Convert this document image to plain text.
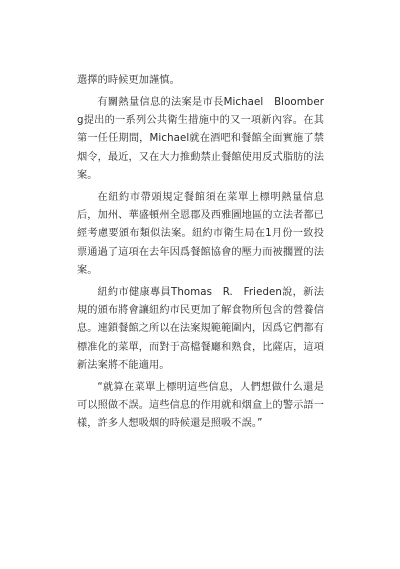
選擇的時候更加謹慎。

有關熱量信息的法案是市長Michael　Bloomberg提出的一系列公共衛生措施中的又一項新內容。在其第一任任期間，Michael就在酒吧和餐館全面實施了禁烟令，最近，又在大力推動禁止餐館使用反式脂肪的法案。

在紐約市帶頭規定餐館須在菜單上標明熱量信息后，加州、華盛頓州全恩郡及西雅圖地區的立法者都已經考慮要頒布類似法案。紐約市衛生局在1月份一致投票通過了這項在去年因爲餐館協會的壓力而被擱置的法案。

紐約市健康專員Thomas　R.　Frieden說，新法規的頒布將會讓紐約市民更加了解食物所包含的營養信息。連鎖餐館之所以在法案規範範圍内，因爲它們都有標准化的菜單，而對于高檔餐廳和熟食，比薩店，這項新法案將不能適用。

“就算在菜單上標明這些信息，人們想做什么還是可以照做不誤。這些信息的作用就和烟盒上的警示語一樣，許多人想吸烟的時候還是照吸不誤。”
